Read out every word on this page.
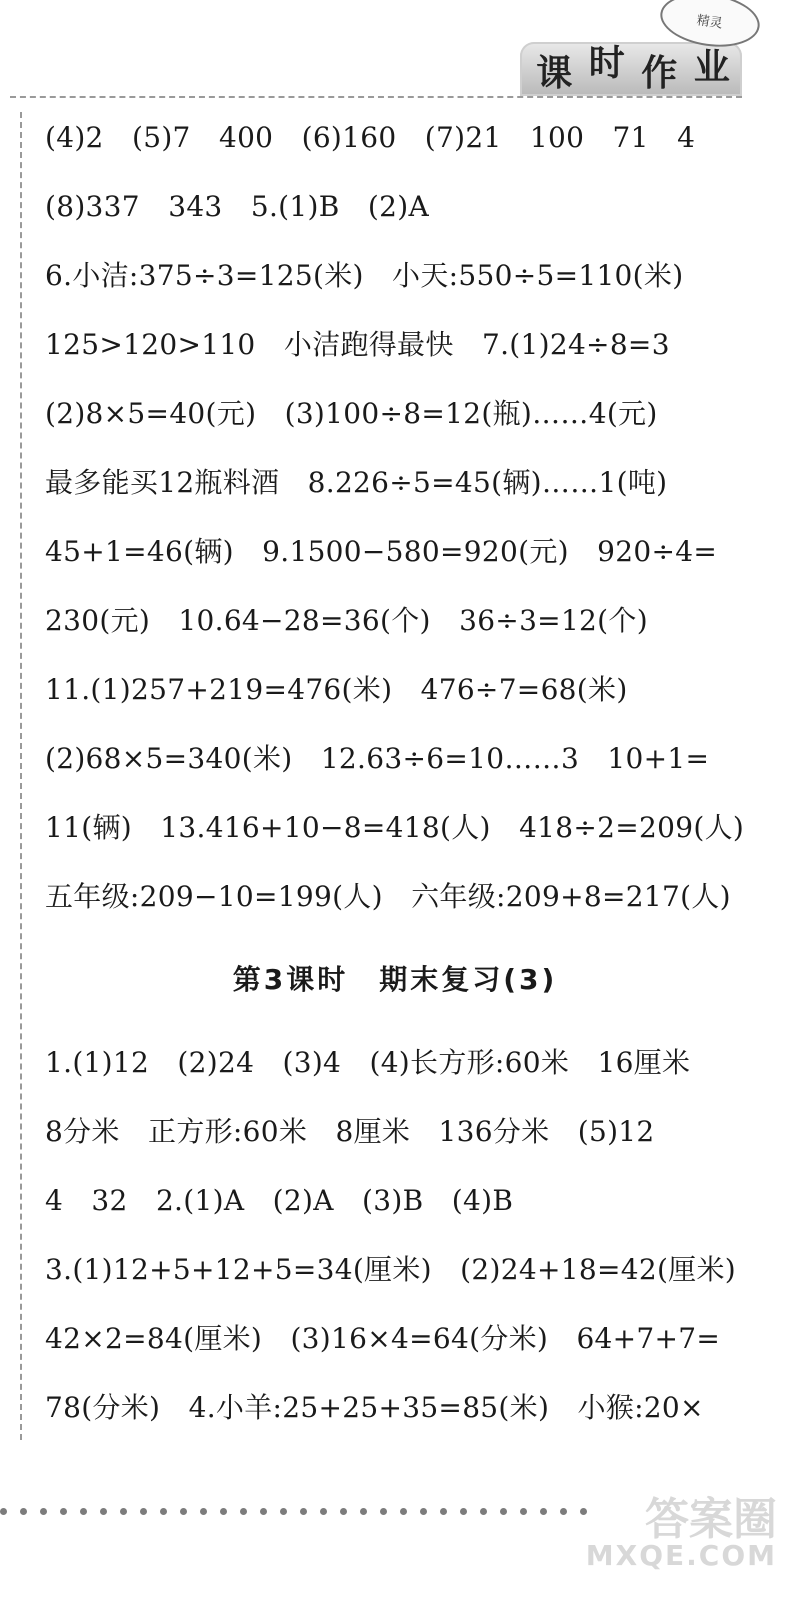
课 时 作 业
精灵
(4)2　(5)7　400　(6)160　(7)21　100　71　4
(8)337　343　5.(1)B　(2)A
6.小洁:375÷3=125(米)　小天:550÷5=110(米)
125>120>110　小洁跑得最快　7.(1)24÷8=3
(2)8×5=40(元)　(3)100÷8=12(瓶)……4(元)
最多能买12瓶料酒　8.226÷5=45(辆)……1(吨)
45+1=46(辆)　9.1500−580=920(元)　920÷4=
230(元)　10.64−28=36(个)　36÷3=12(个)
11.(1)257+219=476(米)　476÷7=68(米)
(2)68×5=340(米)　12.63÷6=10……3　10+1=
11(辆)　13.416+10−8=418(人)　418÷2=209(人)
五年级:209−10=199(人)　六年级:209+8=217(人)
第3课时　期末复习(3)
1.(1)12　(2)24　(3)4　(4)长方形:60米　16厘米
8分米　正方形:60米　8厘米　136分米　(5)12
4　32　2.(1)A　(2)A　(3)B　(4)B
3.(1)12+5+12+5=34(厘米)　(2)24+18=42(厘米)
42×2=84(厘米)　(3)16×4=64(分米)　64+7+7=
78(分米)　4.小羊:25+25+35=85(米)　小猴:20×
答案圈
MXQE.COM
